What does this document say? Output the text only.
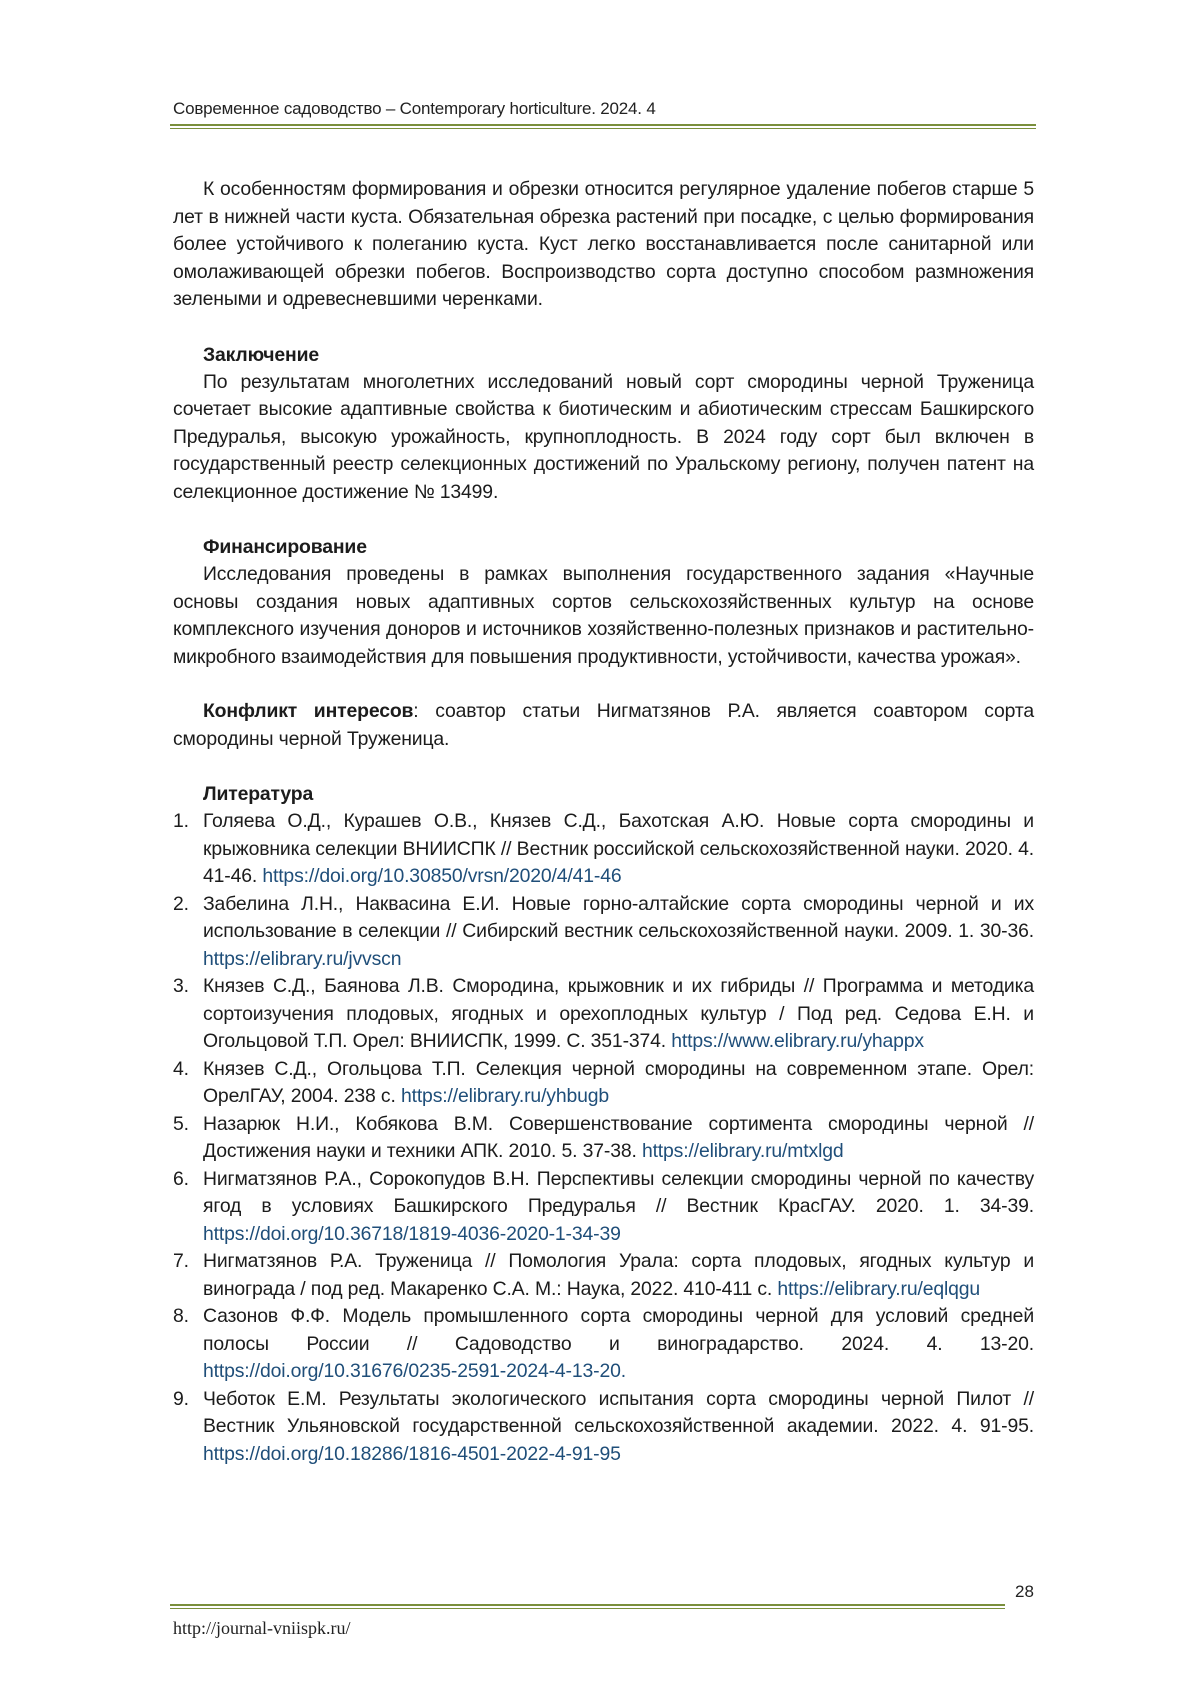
Современное садоводство – Contemporary horticulture. 2024. 4

К особенностям формирования и обрезки относится регулярное удаление побегов старше 5 лет в нижней части куста. Обязательная обрезка растений при посадке, с целью формирования более устойчивого к полеганию куста. Куст легко восстанавливается после санитарной или омолаживающей обрезки побегов. Воспроизводство сорта доступно способом размножения зелеными и одревесневшими черенками.

Заключение

По результатам многолетних исследований новый сорт смородины черной Труженица сочетает высокие адаптивные свойства к биотическим и абиотическим стрессам Башкирского Предуралья, высокую урожайность, крупноплодность. В 2024 году сорт был включен в государственный реестр селекционных достижений по Уральскому региону, получен патент на селекционное достижение № 13499.

Финансирование

Исследования проведены в рамках выполнения государственного задания «Научные основы создания новых адаптивных сортов сельскохозяйственных культур на основе комплексного изучения доноров и источников хозяйственно-полезных признаков и растительно-микробного взаимодействия для повышения продуктивности, устойчивости, качества урожая».

Конфликт интересов: соавтор статьи Нигматзянов Р.А. является соавтором сорта смородины черной Труженица.

Литература
1. Голяева О.Д., Курашев О.В., Князев С.Д., Бахотская А.Ю. Новые сорта смородины и крыжовника селекции ВНИИСПК // Вестник российской сельскохозяйственной науки. 2020. 4. 41-46. https://doi.org/10.30850/vrsn/2020/4/41-46
2. Забелина Л.Н., Наквасина Е.И. Новые горно-алтайские сорта смородины черной и их использование в селекции // Сибирский вестник сельскохозяйственной науки. 2009. 1. 30-36. https://elibrary.ru/jvvscn
3. Князев С.Д., Баянова Л.В. Смородина, крыжовник и их гибриды // Программа и методика сортоизучения плодовых, ягодных и орехоплодных культур / Под ред. Седова Е.Н. и Огольцовой Т.П. Орел: ВНИИСПК, 1999. С. 351-374. https://www.elibrary.ru/yhappx
4. Князев С.Д., Огольцова Т.П. Селекция черной смородины на современном этапе. Орел: ОрелГАУ, 2004. 238 с. https://elibrary.ru/yhbugb
5. Назарюк Н.И., Кобякова В.М. Совершенствование сортимента смородины черной // Достижения науки и техники АПК. 2010. 5. 37-38. https://elibrary.ru/mtxlgd
6. Нигматзянов Р.А., Сорокопудов В.Н. Перспективы селекции смородины черной по качеству ягод в условиях Башкирского Предуралья // Вестник КрасГАУ. 2020. 1. 34-39. https://doi.org/10.36718/1819-4036-2020-1-34-39
7. Нигматзянов Р.А. Труженица // Помология Урала: сорта плодовых, ягодных культур и винограда / под ред. Макаренко С.А. М.: Наука, 2022. 410-411 с. https://elibrary.ru/eqlqgu
8. Сазонов Ф.Ф. Модель промышленного сорта смородины черной для условий средней полосы России // Садоводство и виноградарство. 2024. 4. 13-20. https://doi.org/10.31676/0235-2591-2024-4-13-20.
9. Чеботок Е.М. Результаты экологического испытания сорта смородины черной Пилот // Вестник Ульяновской государственной сельскохозяйственной академии. 2022. 4. 91-95. https://doi.org/10.18286/1816-4501-2022-4-91-95
28
http://journal-vniispk.ru/
